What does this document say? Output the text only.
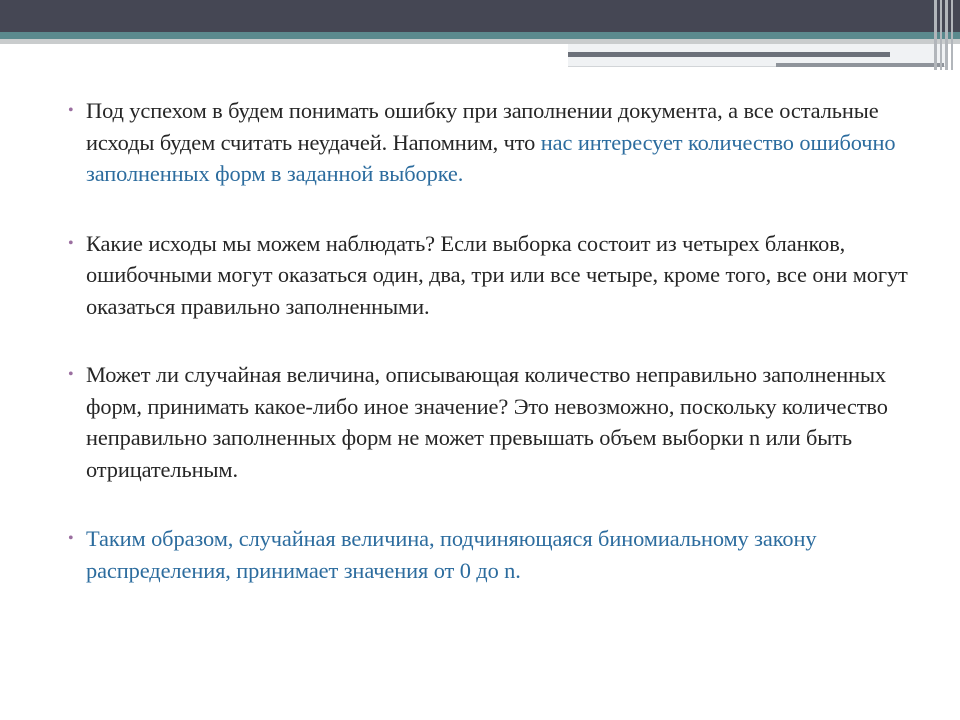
• Под успехом в будем понимать ошибку при заполнении документа, а все остальные исходы будем считать неудачей. Напомним, что нас интересует количество ошибочно заполненных форм в заданной выборке.
• Какие исходы мы можем наблюдать? Если выборка состоит из четырех бланков, ошибочными могут оказаться один, два, три или все четыре, кроме того, все они могут оказаться правильно заполненными.
• Может ли случайная величина, описывающая количество неправильно заполненных форм, принимать какое-либо иное значение? Это невозможно, поскольку количество неправильно заполненных форм не может превышать объем выборки n или быть отрицательным.
• Таким образом, случайная величина, подчиняющаяся биномиальному закону распределения, принимает значения от 0 до n.
